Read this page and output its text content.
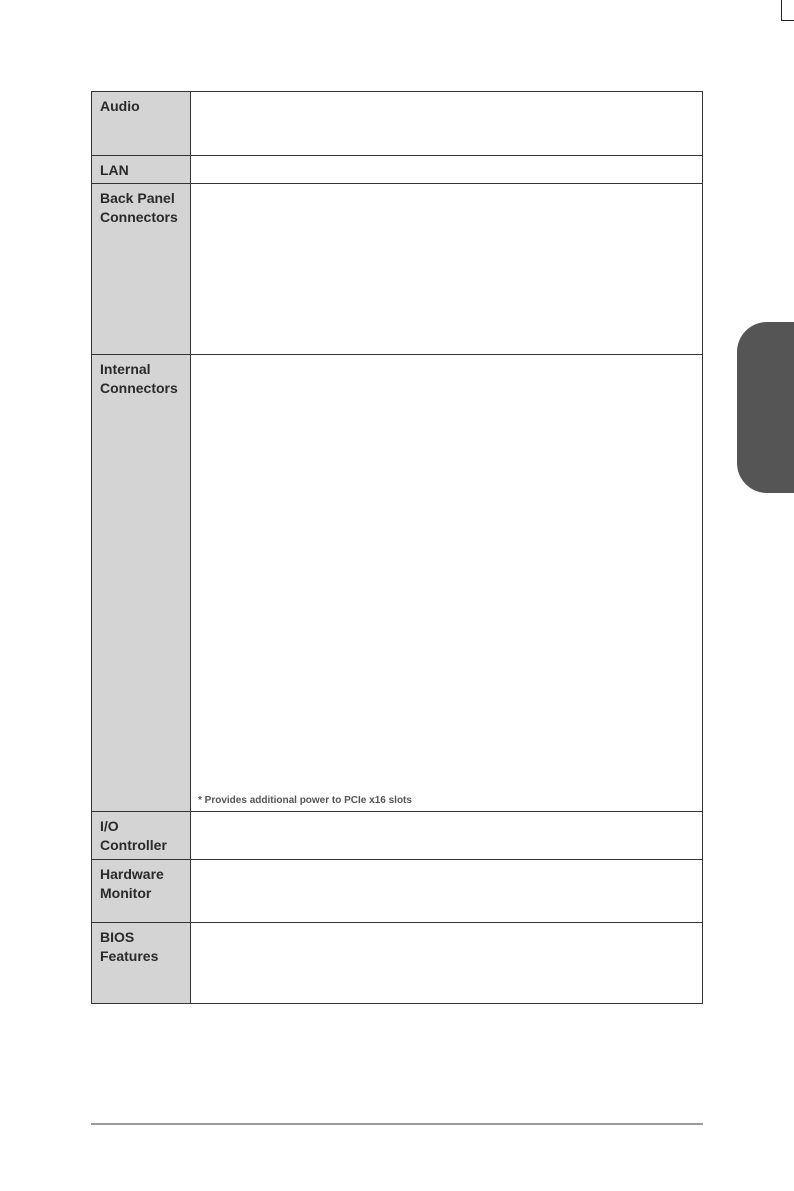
Audio
LAN
Back Panel
Connectors
Internal
Connectors
* Provides additional power to PCIe x16 slots
I/O
Controller
Hardware
Monitor
BIOS
Features
